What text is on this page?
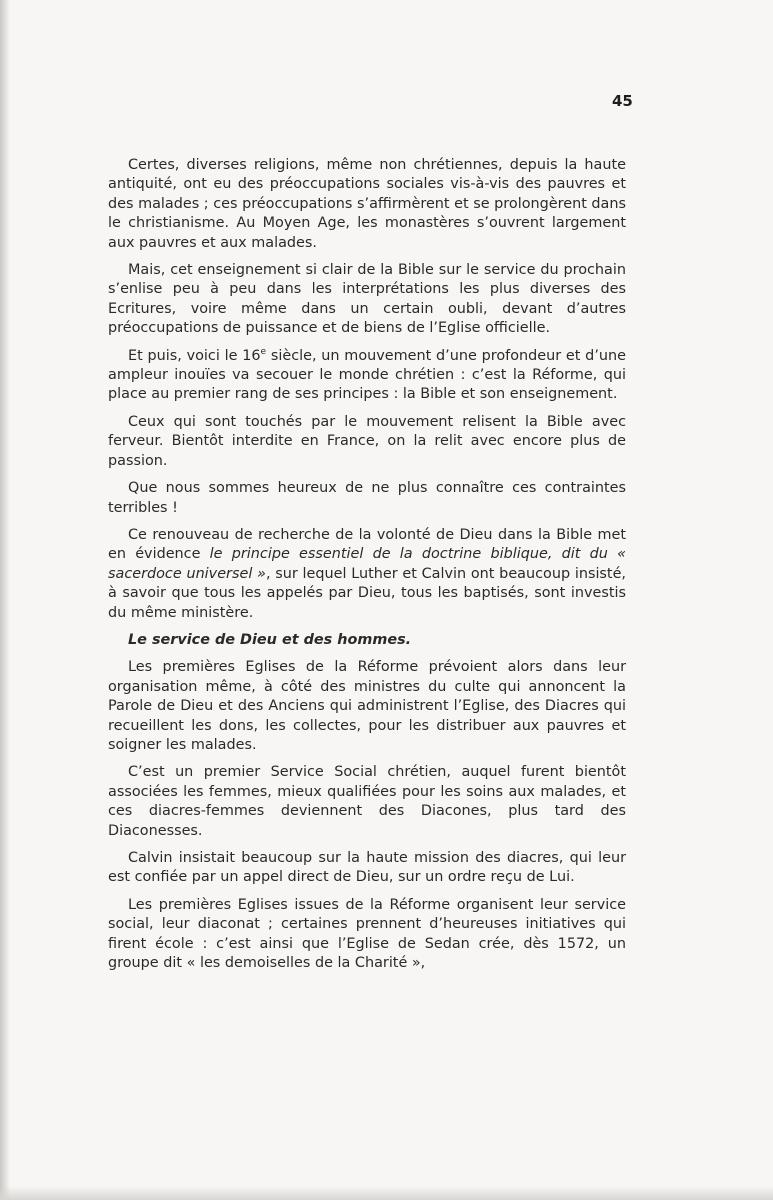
45

Certes, diverses religions, même non chrétiennes, depuis la haute antiquité, ont eu des préoccupations sociales vis-à-vis des pauvres et des malades ; ces préoccupations s’affirmèrent et se prolongèrent dans le christianisme. Au Moyen Age, les monastères s’ouvrent largement aux pauvres et aux malades.

Mais, cet enseignement si clair de la Bible sur le service du prochain s’enlise peu à peu dans les interprétations les plus diverses des Ecritures, voire même dans un certain oubli, devant d’autres préoccupations de puissance et de biens de l’Eglise officielle.

Et puis, voici le 16e siècle, un mouvement d’une profondeur et d’une ampleur inouïes va secouer le monde chrétien : c’est la Réforme, qui place au premier rang de ses principes : la Bible et son enseignement.

Ceux qui sont touchés par le mouvement relisent la Bible avec ferveur. Bientôt interdite en France, on la relit avec encore plus de passion.

Que nous sommes heureux de ne plus connaître ces contraintes terribles !

Ce renouveau de recherche de la volonté de Dieu dans la Bible met en évidence le principe essentiel de la doctrine biblique, dit du « sacerdoce universel », sur lequel Luther et Calvin ont beaucoup insisté, à savoir que tous les appelés par Dieu, tous les baptisés, sont investis du même ministère.

Le service de Dieu et des hommes.

Les premières Eglises de la Réforme prévoient alors dans leur organisation même, à côté des ministres du culte qui annoncent la Parole de Dieu et des Anciens qui administrent l’Eglise, des Diacres qui recueillent les dons, les collectes, pour les distribuer aux pauvres et soigner les malades.

C’est un premier Service Social chrétien, auquel furent bientôt associées les femmes, mieux qualifiées pour les soins aux malades, et ces diacres-femmes deviennent des Diacones, plus tard des Diaconesses.

Calvin insistait beaucoup sur la haute mission des diacres, qui leur est confiée par un appel direct de Dieu, sur un ordre reçu de Lui.

Les premières Eglises issues de la Réforme organisent leur service social, leur diaconat ; certaines prennent d’heureuses initiatives qui firent école : c’est ainsi que l’Eglise de Sedan crée, dès 1572, un groupe dit « les demoiselles de la Charité »,
